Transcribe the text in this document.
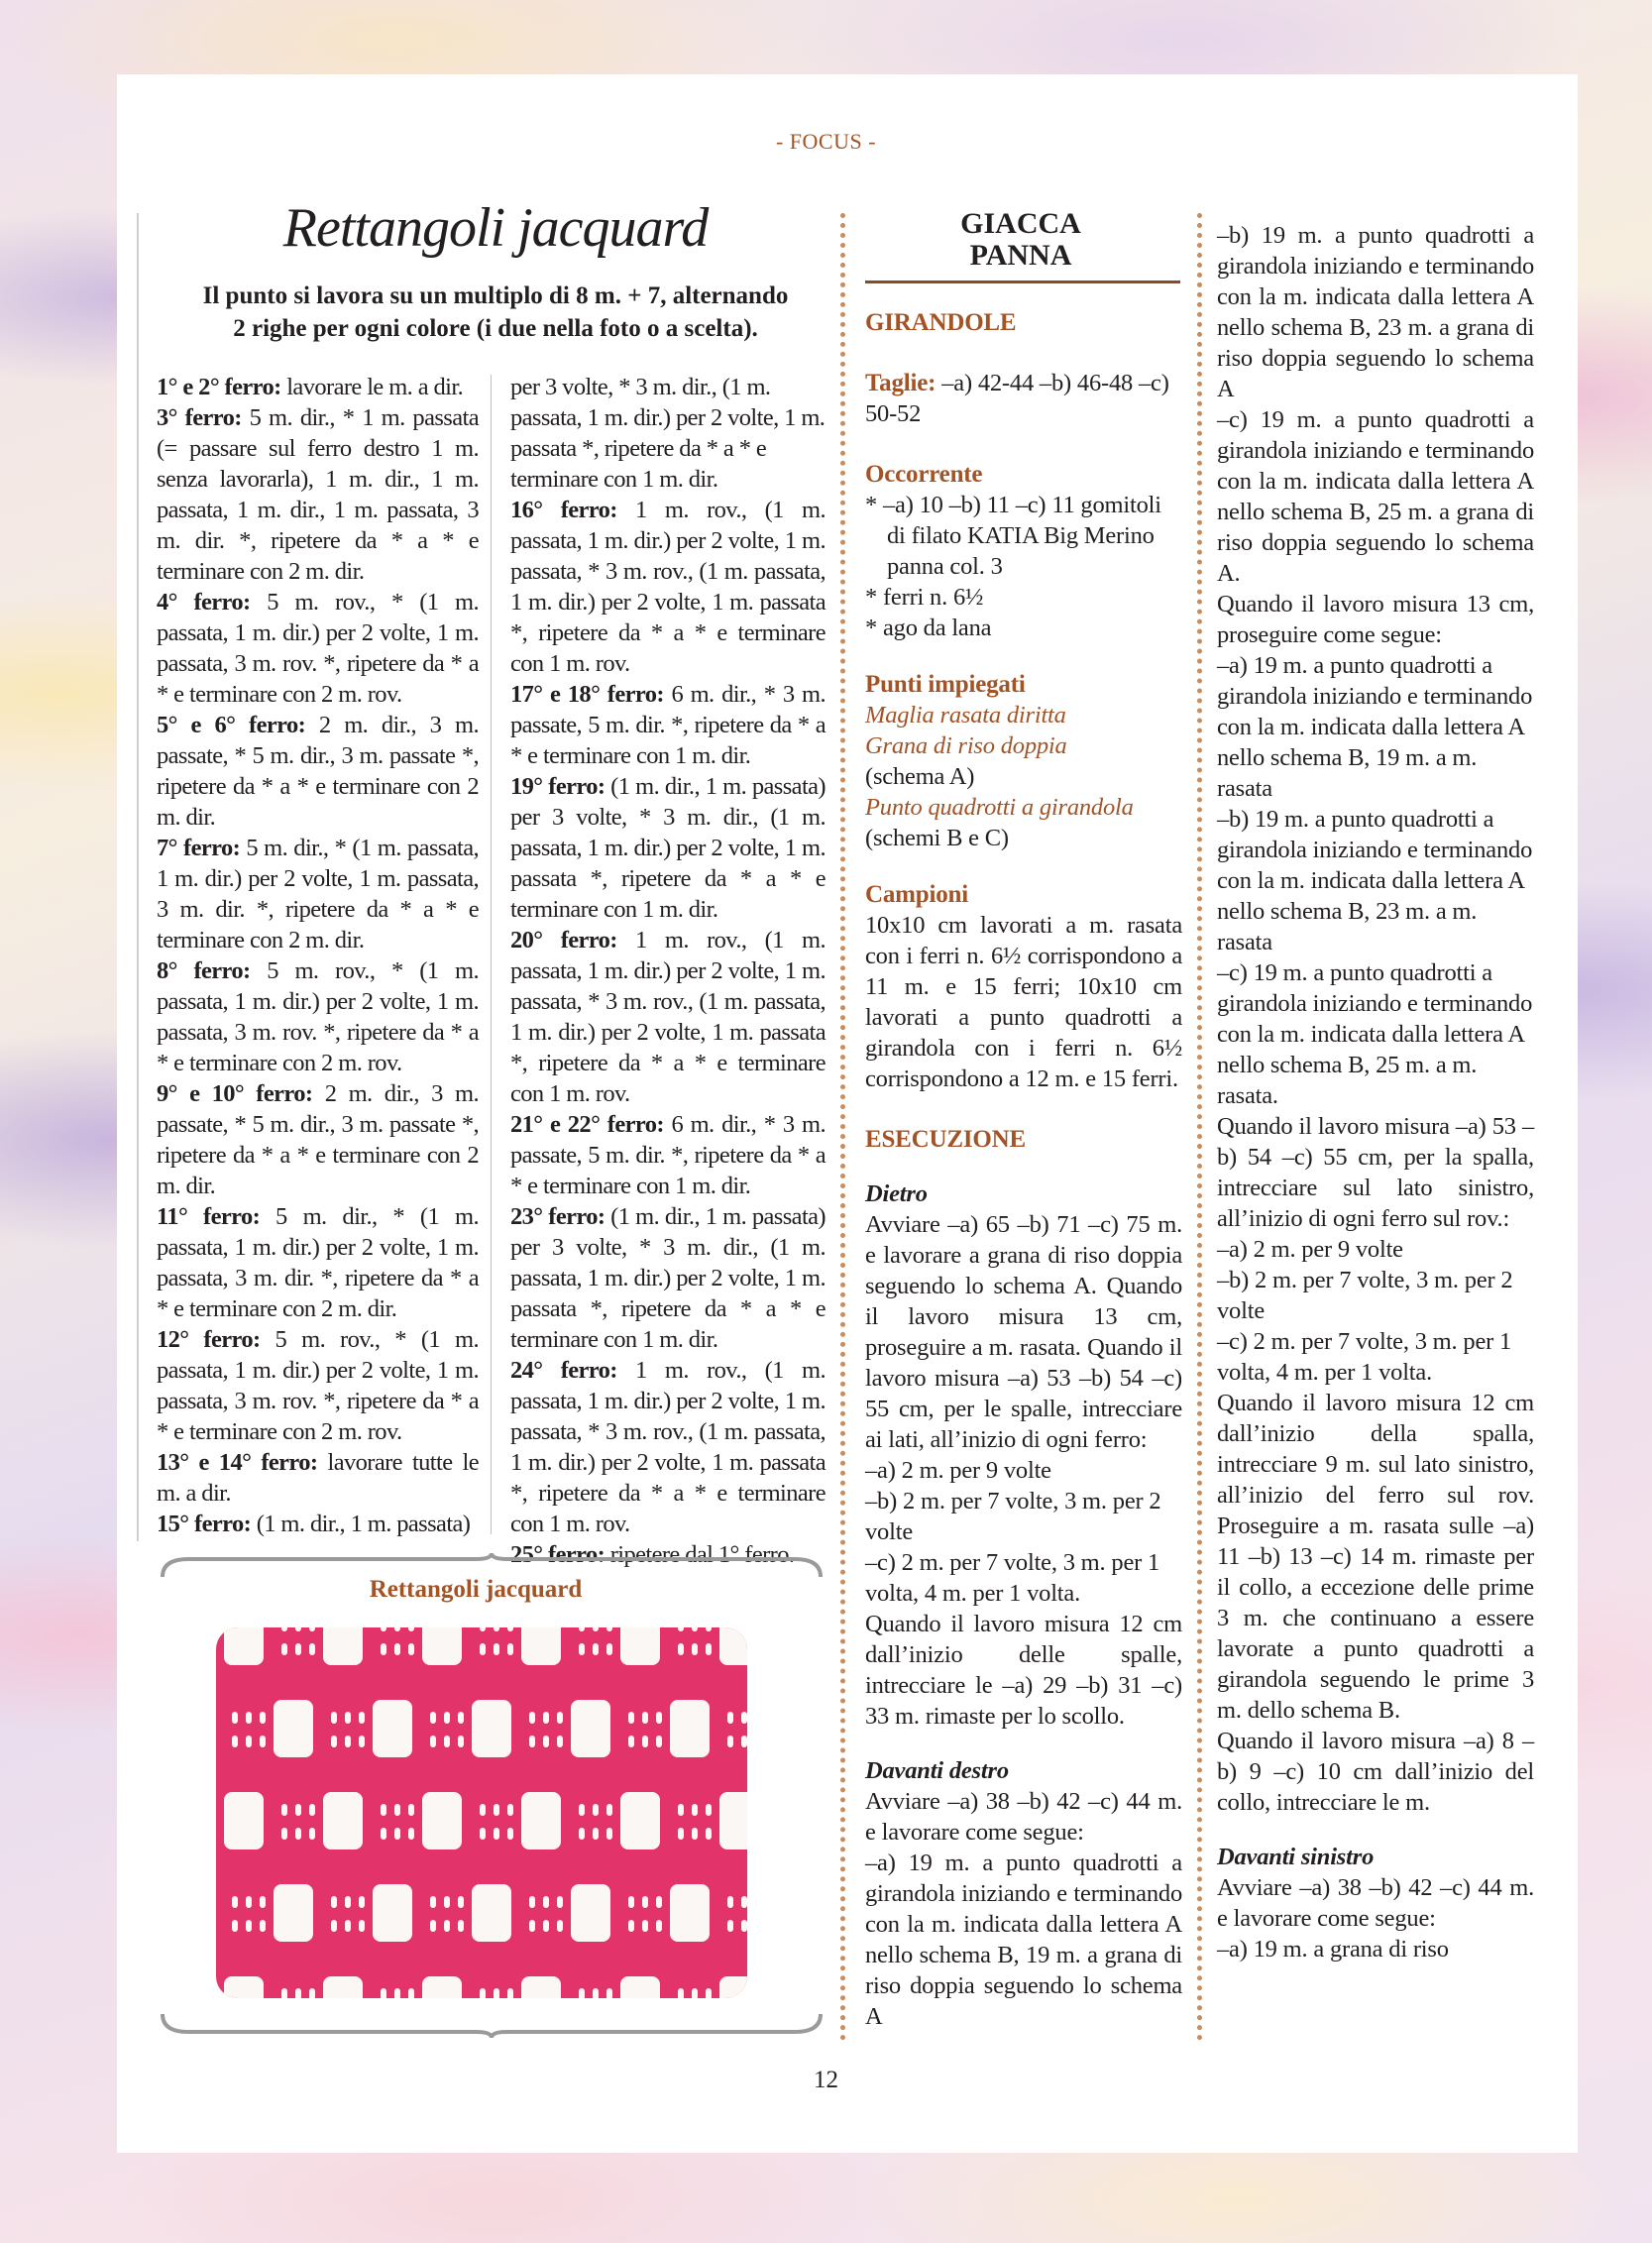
- FOCUS -
Rettangoli jacquard
Il punto si lavora su un multiplo di 8 m. + 7, alternando
2 righe per ogni colore (i due nella foto o a scelta).

1° e 2° ferro: lavorare le m. a dir.

3° ferro: 5 m. dir., * 1 m. passata (= passare sul ferro destro 1 m. senza lavorarla), 1 m. dir., 1 m. passata, 1 m. dir., 1 m. passata, 3 m. dir. *, ripetere da * a * e terminare con 2 m. dir.

4° ferro: 5 m. rov., * (1 m. passata, 1 m. dir.) per 2 volte, 1 m. passata, 3 m. rov. *, ripetere da * a * e terminare con 2 m. rov.

5° e 6° ferro: 2 m. dir., 3 m. passate, * 5 m. dir., 3 m. passate *, ripetere da * a * e terminare con 2 m. dir.

7° ferro: 5 m. dir., * (1 m. passata, 1 m. dir.) per 2 volte, 1 m. passata, 3 m. dir. *, ripetere da * a * e terminare con 2 m. dir.

8° ferro: 5 m. rov., * (1 m. passata, 1 m. dir.) per 2 volte, 1 m. passata, 3 m. rov. *, ripetere da * a * e terminare con 2 m. rov.

9° e 10° ferro: 2 m. dir., 3 m. passate, * 5 m. dir., 3 m. passate *, ripetere da * a * e terminare con 2 m. dir.

11° ferro: 5 m. dir., * (1 m. passata, 1 m. dir.) per 2 volte, 1 m. passata, 3 m. dir. *, ripetere da * a * e terminare con 2 m. dir.

12° ferro: 5 m. rov., * (1 m. passata, 1 m. dir.) per 2 volte, 1 m. passata, 3 m. rov. *, ripetere da * a * e terminare con 2 m. rov.

13° e 14° ferro: lavorare tutte le m. a dir.

15° ferro: (1 m. dir., 1 m. passata)

per 3 volte, * 3 m. dir., (1 m. passata, 1 m. dir.) per 2 volte, 1 m. passata *, ripetere da * a * e terminare con 1 m. dir.

16° ferro: 1 m. rov., (1 m. passata, 1 m. dir.) per 2 volte, 1 m. passata, * 3 m. rov., (1 m. passata, 1 m. dir.) per 2 volte, 1 m. passata *, ripetere da * a * e terminare con 1 m. rov.

17° e 18° ferro: 6 m. dir., * 3 m. passate, 5 m. dir. *, ripetere da * a * e terminare con 1 m. dir.

19° ferro: (1 m. dir., 1 m. passata) per 3 volte, * 3 m. dir., (1 m. passata, 1 m. dir.) per 2 volte, 1 m. passata *, ripetere da * a * e terminare con 1 m. dir.

20° ferro: 1 m. rov., (1 m. passata, 1 m. dir.) per 2 volte, 1 m. passata, * 3 m. rov., (1 m. passata, 1 m. dir.) per 2 volte, 1 m. passata *, ripetere da * a * e terminare con 1 m. rov.

21° e 22° ferro: 6 m. dir., * 3 m. passate, 5 m. dir. *, ripetere da * a * e terminare con 1 m. dir.

23° ferro: (1 m. dir., 1 m. passata) per 3 volte, * 3 m. dir., (1 m. passata, 1 m. dir.) per 2 volte, 1 m. passata *, ripetere da * a * e terminare con 1 m. dir.

24° ferro: 1 m. rov., (1 m. passata, 1 m. dir.) per 2 volte, 1 m. passata, * 3 m. rov., (1 m. passata, 1 m. dir.) per 2 volte, 1 m. passata *, ripetere da * a * e terminare con 1 m. rov.

25° ferro: ripetere dal 1° ferro.

Rettangoli jacquard
GIACCA
PANNA

GIRANDOLE

Taglie: –a) 42-44 –b) 46-48 –c) 50-52

Occorrente

* –a) 10 –b) 11 –c) 11 gomitoli di filato KATIA Big Merino panna col. 3

* ferri n. 6½

* ago da lana

Punti impiegati

Maglia rasata diritta

Grana di riso doppia

(schema A)

Punto quadrotti a girandola

(schemi B e C)

Campioni

10x10 cm lavorati a m. rasata con i ferri n. 6½ corrispondono a 11 m. e 15 ferri; 10x10 cm lavorati a punto quadrotti a girandola con i ferri n. 6½ corrispondono a 12 m. e 15 ferri.

ESECUZIONE

Dietro

Avviare –a) 65 –b) 71 –c) 75 m. e lavorare a grana di riso doppia seguendo lo schema A. Quando il lavoro misura 13 cm, proseguire a m. rasata. Quando il lavoro misura –a) 53 –b) 54 –c) 55 cm, per le spalle, intrecciare ai lati, all’inizio di ogni ferro:

–a) 2 m. per 9 volte

–b) 2 m. per 7 volte, 3 m. per 2 volte

–c) 2 m. per 7 volte, 3 m. per 1 volta, 4 m. per 1 volta.

Quando il lavoro misura 12 cm dall’inizio delle spalle, intrecciare le –a) 29 –b) 31 –c) 33 m. rimaste per lo scollo.

Davanti destro

Avviare –a) 38 –b) 42 –c) 44 m. e lavorare come segue:

–a) 19 m. a punto quadrotti a girandola iniziando e terminando con la m. indicata dalla lettera A nello schema B, 19 m. a grana di riso doppia seguendo lo schema A

–b) 19 m. a punto quadrotti a girandola iniziando e terminando con la m. indicata dalla lettera A nello schema B, 23 m. a grana di riso doppia seguendo lo schema A

–c) 19 m. a punto quadrotti a girandola iniziando e terminando con la m. indicata dalla lettera A nello schema B, 25 m. a grana di riso doppia seguendo lo schema A.

Quando il lavoro misura 13 cm, proseguire come segue:

–a) 19 m. a punto quadrotti a girandola iniziando e terminando con la m. indicata dalla lettera A nello schema B, 19 m. a m. rasata

–b) 19 m. a punto quadrotti a girandola iniziando e terminando con la m. indicata dalla lettera A nello schema B, 23 m. a m. rasata

–c) 19 m. a punto quadrotti a girandola iniziando e terminando con la m. indicata dalla lettera A nello schema B, 25 m. a m. rasata.

Quando il lavoro misura –a) 53 –b) 54 –c) 55 cm, per la spalla, intrecciare sul lato sinistro, all’inizio di ogni ferro sul rov.:

–a) 2 m. per 9 volte

–b) 2 m. per 7 volte, 3 m. per 2 volte

–c) 2 m. per 7 volte, 3 m. per 1 volta, 4 m. per 1 volta.

Quando il lavoro misura 12 cm dall’inizio della spalla, intrecciare 9 m. sul lato sinistro, all’inizio del ferro sul rov. Proseguire a m. rasata sulle –a) 11 –b) 13 –c) 14 m. rimaste per il collo, a eccezione delle prime 3 m. che continuano a essere lavorate a punto quadrotti a girandola seguendo le prime 3 m. dello schema B.

Quando il lavoro misura –a) 8 –b) 9 –c) 10 cm dall’inizio del collo, intrecciare le m.

Davanti sinistro

Avviare –a) 38 –b) 42 –c) 44 m. e lavorare come segue:

–a) 19 m. a grana di riso

12
